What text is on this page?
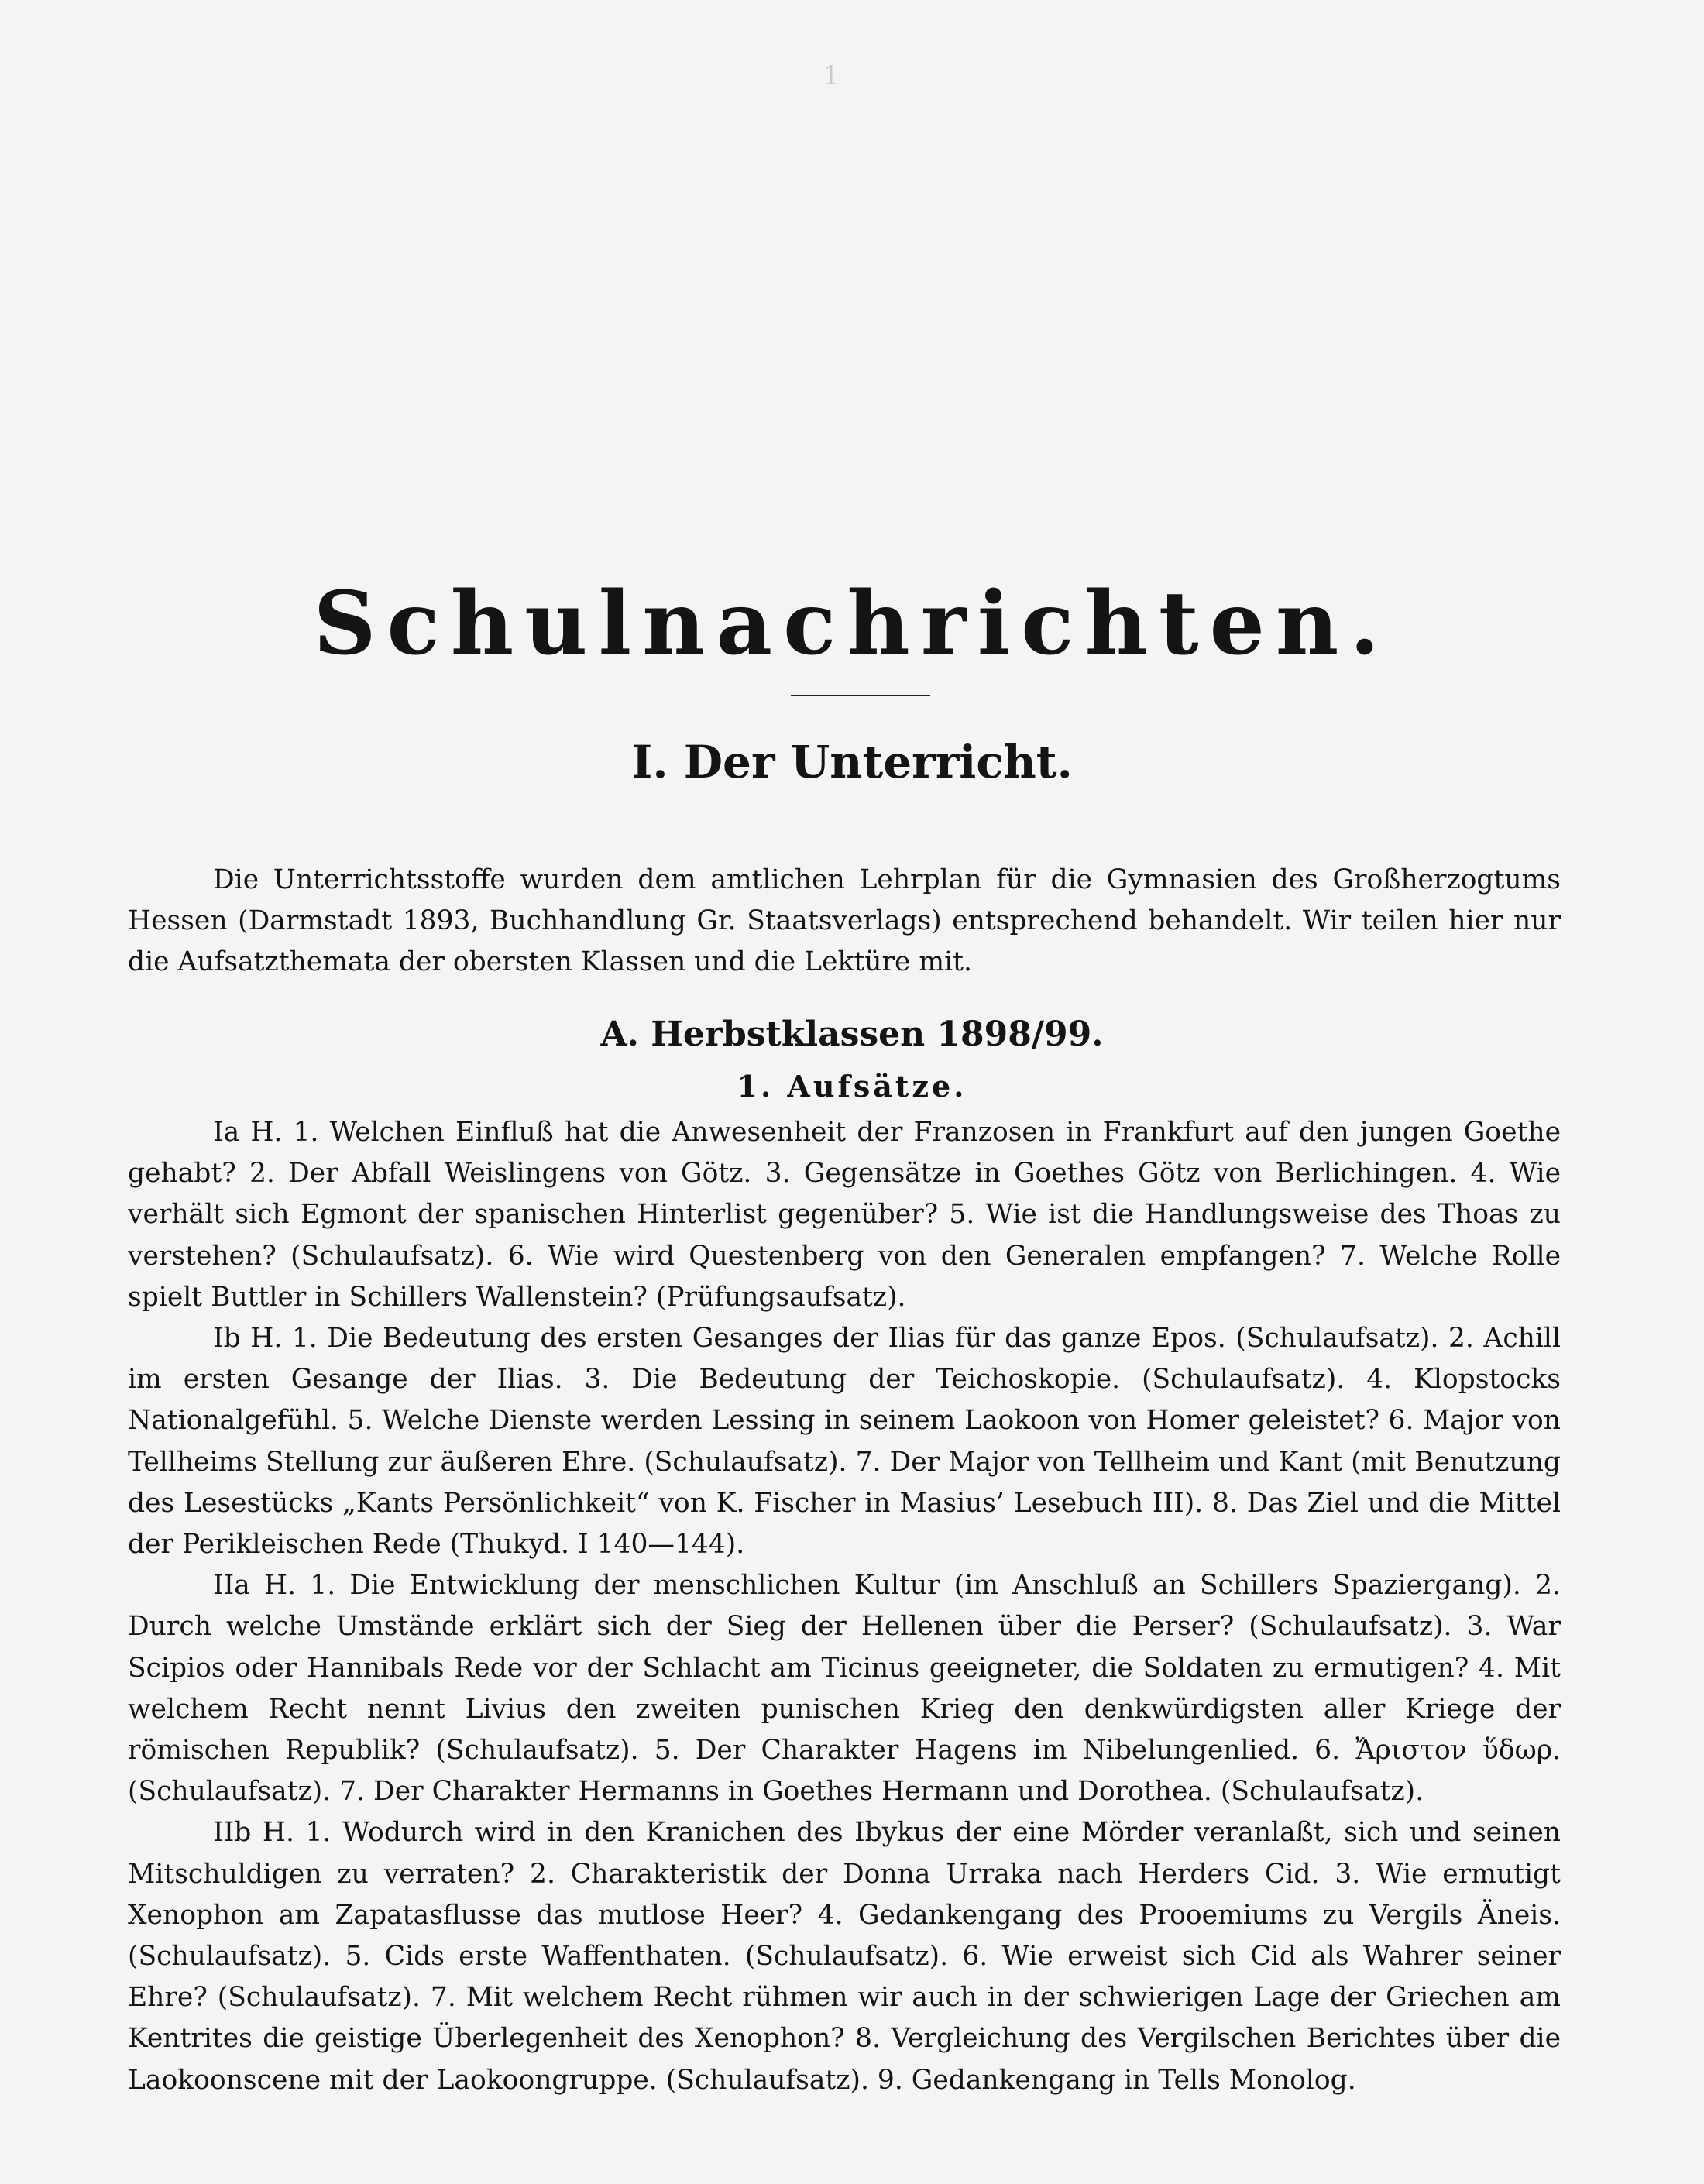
1
Schulnachrichten.
I. Der Unterricht.

Die Unterrichtsstoffe wurden dem amtlichen Lehrplan für die Gymnasien des Großherzogtums Hessen (Darmstadt 1893, Buchhandlung Gr. Staatsverlags) entsprechend behandelt. Wir teilen hier nur die Aufsatzthemata der obersten Klassen und die Lektüre mit.

A. Herbstklassen 1898/99.
1. Aufsätze.

Ia H. 1. Welchen Einfluß hat die Anwesenheit der Franzosen in Frankfurt auf den jungen Goethe gehabt? 2. Der Abfall Weislingens von Götz. 3. Gegensätze in Goethes Götz von Berlichingen. 4. Wie verhält sich Egmont der spanischen Hinterlist gegenüber? 5. Wie ist die Handlungsweise des Thoas zu verstehen? (Schulaufsatz). 6. Wie wird Questenberg von den Generalen empfangen? 7. Welche Rolle spielt Buttler in Schillers Wallenstein? (Prüfungsaufsatz).

Ib H. 1. Die Bedeutung des ersten Gesanges der Ilias für das ganze Epos. (Schulaufsatz). 2. Achill im ersten Gesange der Ilias. 3. Die Bedeutung der Teichoskopie. (Schulaufsatz). 4. Klopstocks Nationalgefühl. 5. Welche Dienste werden Lessing in seinem Laokoon von Homer geleistet? 6. Major von Tellheims Stellung zur äußeren Ehre. (Schulaufsatz). 7. Der Major von Tellheim und Kant (mit Benutzung des Lesestücks „Kants Persönlichkeit“ von K. Fischer in Masius’ Lesebuch III). 8. Das Ziel und die Mittel der Perikleischen Rede (Thukyd. I 140—144).

IIa H. 1. Die Entwicklung der menschlichen Kultur (im Anschluß an Schillers Spaziergang). 2. Durch welche Umstände erklärt sich der Sieg der Hellenen über die Perser? (Schulaufsatz). 3. War Scipios oder Hannibals Rede vor der Schlacht am Ticinus geeigneter, die Soldaten zu ermutigen? 4. Mit welchem Recht nennt Livius den zweiten punischen Krieg den denkwürdigsten aller Kriege der römischen Republik? (Schulaufsatz). 5. Der Charakter Hagens im Nibelungenlied. 6. Ἄριστον ὕδωρ. (Schulaufsatz). 7. Der Charakter Hermanns in Goethes Hermann und Dorothea. (Schulaufsatz).

IIb H. 1. Wodurch wird in den Kranichen des Ibykus der eine Mörder veranlaßt, sich und seinen Mitschuldigen zu verraten? 2. Charakteristik der Donna Urraka nach Herders Cid. 3. Wie ermutigt Xenophon am Zapatasflusse das mutlose Heer? 4. Gedankengang des Prooemiums zu Vergils Äneis. (Schulaufsatz). 5. Cids erste Waffenthaten. (Schulaufsatz). 6. Wie erweist sich Cid als Wahrer seiner Ehre? (Schulaufsatz). 7. Mit welchem Recht rühmen wir auch in der schwierigen Lage der Griechen am Kentrites die geistige Überlegenheit des Xenophon? 8. Vergleichung des Vergilschen Berichtes über die Laokoonscene mit der Laokoongruppe. (Schulaufsatz). 9. Gedankengang in Tells Monolog.
